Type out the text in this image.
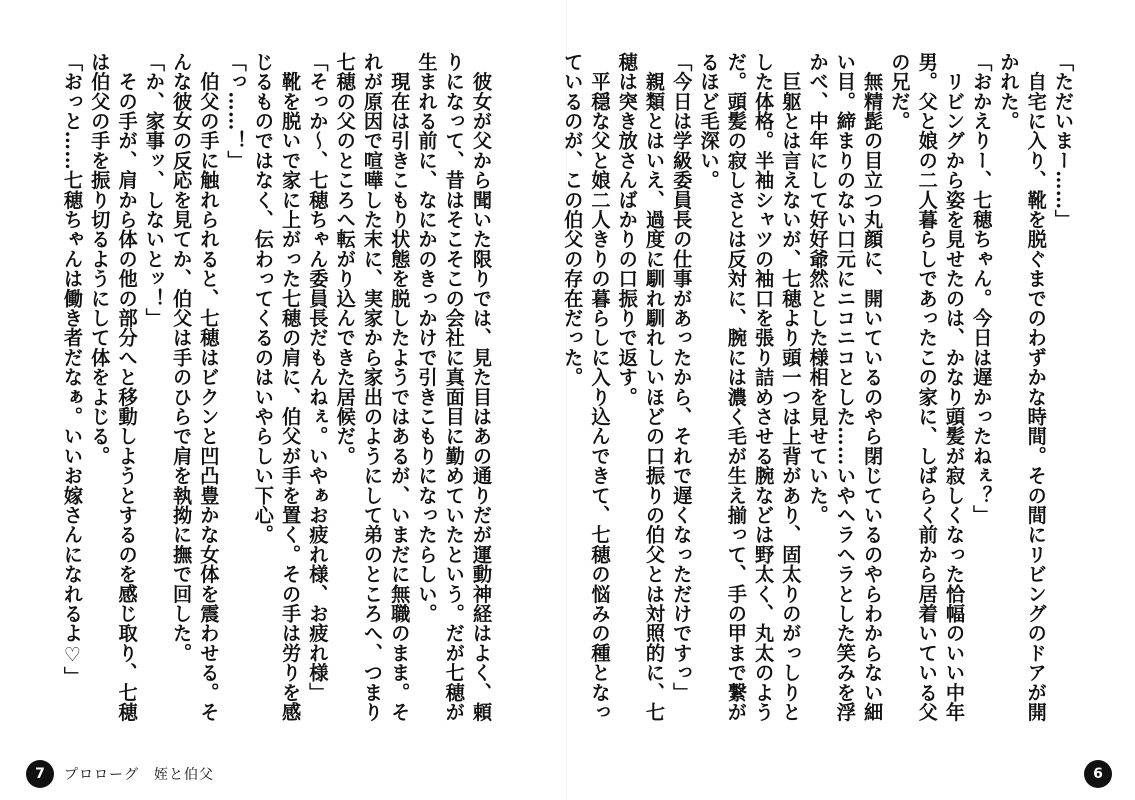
　彼女が父から聞いた限りでは、見た目はあの通りだが運動神経はよく、頼りになって、昔はそこそこの会社に真面目に勤めていたという。だが七穂が生まれる前に、なにかのきっかけで引きこもりになったらしい。

　現在は引きこもり状態を脱したようではあるが、いまだに無職のまま。それが原因で喧嘩した末に、実家から家出のようにして弟のところへ、つまり七穂の父のところへ転がり込んできた居候だ。

「そっか〜、七穂ちゃん委員長だもんねぇ。いやぁお疲れ様、お疲れ様」

　靴を脱いで家に上がった七穂の肩に、伯父が手を置く。その手は労りを感じるものではなく、伝わってくるのはいやらしい下心。

「っ……！」

　伯父の手に触れられると、七穂はビクンと凹凸豊かな女体を震わせる。そんな彼女の反応を見てか、伯父は手のひらで肩を執拗に撫で回した。

「か、家事ッ、しないとッ！」

　その手が、肩から体の他の部分へと移動しようとするのを感じ取り、七穂は伯父の手を振り切るようにして体をよじる。

「おっと……七穂ちゃんは働き者だなぁ。いいお嫁さんになれるよ♡」	「ただいまー……」

　自宅に入り、靴を脱ぐまでのわずかな時間。その間にリビングのドアが開かれた。

「おかえりー、七穂ちゃん。今日は遅かったねぇ？」

　リビングから姿を見せたのは、かなり頭髪が寂しくなった恰幅のいい中年男。父と娘の二人暮らしであったこの家に、しばらく前から居着いている父の兄だ。

　無精髭の目立つ丸顔に、開いているのやら閉じているのやらわからない細い目。締まりのない口元にニコニコとした……いやヘラヘラとした笑みを浮かべ、中年にして好好爺然とした様相を見せていた。

　巨躯とは言えないが、七穂より頭一つは上背があり、固太りのがっしりとした体格。半袖シャツの袖口を張り詰めさせる腕などは野太く、丸太のようだ。頭髪の寂しさとは反対に、腕には濃く毛が生え揃って、手の甲まで繋がるほど毛深い。

「今日は学級委員長の仕事があったから、それで遅くなっただけですっ」

　親類とはいえ、過度に馴れ馴れしいほどの口振りの伯父とは対照的に、七穂は突き放さんばかりの口振りで返す。

　平穏な父と娘二人きりの暮らしに入り込んできて、七穂の悩みの種となっているのが、この伯父の存在だった。

7	プロローグ　姪と伯父	6
